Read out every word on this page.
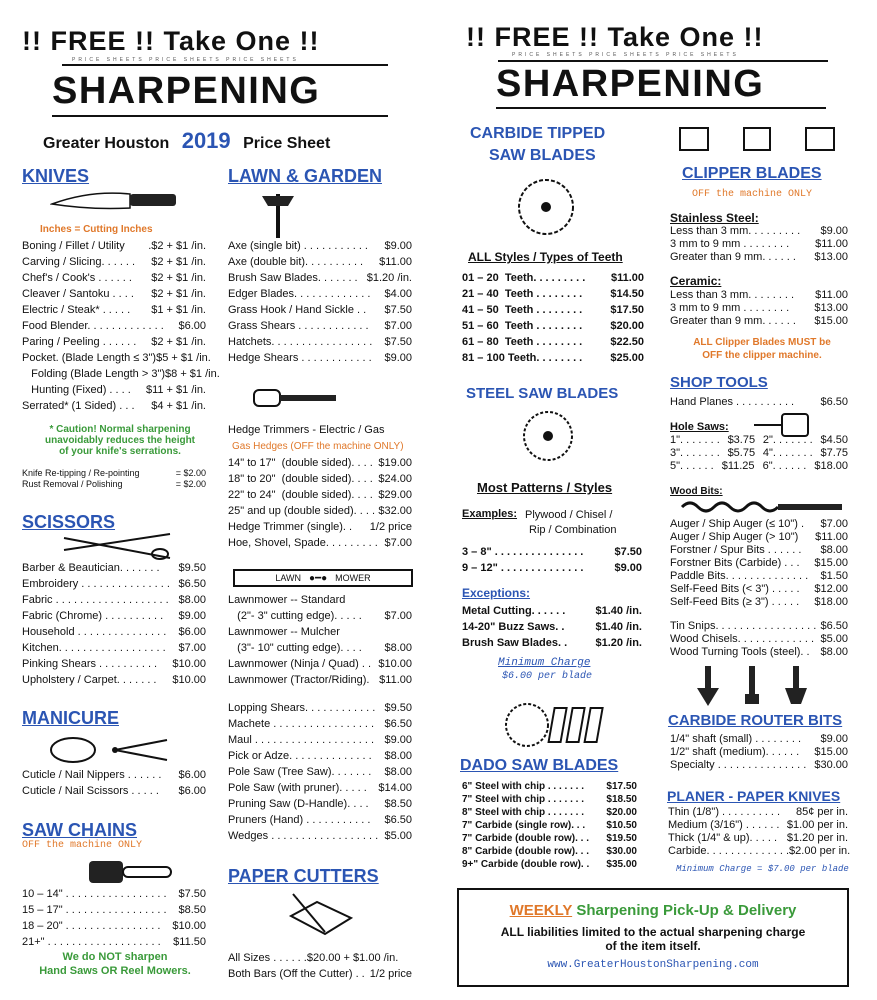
!! FREE !! Take One !!
PRICE SHEETS PRICE SHEETS PRICE SHEETS
SHARPENING
Greater Houston 2019 Price Sheet
KNIVES
Inches = Cutting Inches
Boning / Fillet / Utility .$2 + $1 /in.
Carving / Slicing. . . . . . $2 + $1 /in.
Chef's / Cook's . . . . . . $2 + $1 /in.
Cleaver / Santoku . . . . $2 + $1 /in.
Electric / Steak* . . . . . $1 + $1 /in.
Food Blender. . . . . . . . . . . . . $6.00
Paring / Peeling . . . . . . $2 + $1 /in.
Pocket. (Blade Length ≤ 3") $5 + $1 /in.
Folding (Blade Length > 3") $8 + $1 /in.
Hunting (Fixed) . . . . $11 + $1 /in.
Serrated* (1 Sided) . . . $4 + $1 /in.
* Caution! Normal sharpening
unavoidably reduces the height
of your knife's serrations.
Knife Re-tipping / Re-pointing	= $2.00
Rust Removal / Polishing	= $2.00
SCISSORS
Barber & Beautician. . . . . . . $9.50
Embroidery . . . . . . . . . . . . . . . $6.50
Fabric . . . . . . . . . . . . . . . . . . . $8.00
Fabric (Chrome) . . . . . . . . . . $9.00
Household . . . . . . . . . . . . . . . $6.00
Kitchen. . . . . . . . . . . . . . . . . . $7.00
Pinking Shears . . . . . . . . . . $10.00
Upholstery / Carpet. . . . . . . $10.00
MANICURE
Cuticle / Nail Nippers . . . . . . $6.00
Cuticle / Nail Scissors . . . . . $6.00
SAW CHAINS
OFF the machine ONLY
10 – 14" . . . . . . . . . . . . . . . . . $7.50
15 – 17" . . . . . . . . . . . . . . . . . $8.50
18 – 20" . . . . . . . . . . . . . . . . $10.00
21+" . . . . . . . . . . . . . . . . . . . $11.50
We do NOT sharpen
Hand Saws OR Reel Mowers.
LAWN & GARDEN
Axe (single bit) . . . . . . . . . . . $9.00
Axe (double bit). . . . . . . . . . $11.00
Brush Saw Blades. . . . . . . $1.20 /in.
Edger Blades. . . . . . . . . . . . . $4.00
Grass Hook / Hand Sickle . . $7.50
Grass Shears . . . . . . . . . . . . $7.00
Hatchets. . . . . . . . . . . . . . . . . $7.50
Hedge Shears . . . . . . . . . . . . $9.00
Hedge Trimmers - Electric / Gas
Gas Hedges (OFF the machine ONLY)
14" to 17"  (double sided). . . . $19.00
18" to 20"  (double sided). . . . $24.00
22" to 24"  (double sided). . . . $29.00
25" and up (double sided). . . . $32.00
Hedge Trimmer (single). . 1/2 price
Hoe, Shovel, Spade. . . . . . . . . $7.00
LAWN ●━● MOWER
Lawnmower -- Standard
(2"- 3" cutting edge). . . . . $7.00
Lawnmower -- Mulcher
(3"- 10" cutting edge). . . . $8.00
Lawnmower (Ninja / Quad) . . $10.00
Lawnmower (Tractor/Riding). $11.00
Lopping Shears. . . . . . . . . . . . $9.50
Machete . . . . . . . . . . . . . . . . . $6.50
Maul . . . . . . . . . . . . . . . . . . . . $9.00
Pick or Adze. . . . . . . . . . . . . . $8.00
Pole Saw (Tree Saw). . . . . . . $8.00
Pole Saw (with pruner). . . . . $14.00
Pruning Saw (D-Handle). . . . $8.50
Pruners (Hand) . . . . . . . . . . . $6.50
Wedges . . . . . . . . . . . . . . . . . . $5.00
PAPER CUTTERS
All Sizes . . . . . .$20.00 + $1.00 /in.
Both Bars (Off the Cutter) . . 1/2 price
!! FREE !! Take One !!
PRICE SHEETS PRICE SHEETS PRICE SHEETS
SHARPENING
CARBIDE TIPPED
SAW BLADES
ALL Styles / Types of Teeth
01 – 20  Teeth. . . . . . . . . $11.00
21 – 40  Teeth . . . . . . . .	$14.50
41 – 50  Teeth . . . . . . . .	$17.50
51 – 60  Teeth . . . . . . . .	$20.00
61 – 80  Teeth . . . . . . . .	$22.50
81 – 100 Teeth. . . . . . . .	$25.00
STEEL SAW BLADES
Most Patterns / Styles
Examples: Plywood / Chisel /
Rip / Combination
3 – 8" . . . . . . . . . . . . . . .	$7.50
9 – 12" . . . . . . . . . . . . . .	$9.00
Exceptions:
Metal Cutting. . . . . .	$1.40 /in.
14-20" Buzz Saws. .	$1.40 /in.
Brush Saw Blades. .	$1.20 /in.
Minimum Charge
$6.00 per blade
DADO SAW BLADES
6" Steel with chip . . . . . . . $17.50
7" Steel with chip . . . . . . . $18.50
8" Steel with chip . . . . . . . $20.00
7" Carbide (single row). . . $10.50
7" Carbide (double row). . . $19.50
8" Carbide (double row). . . $30.00
9+" Carbide (double row). . $35.00
CLIPPER BLADES
OFF the machine ONLY
Stainless Steel:
Less than 3 mm. . . . . . . . . $9.00
3 mm to 9 mm . . . . . . . . $11.00
Greater than 9 mm. . . . . . $13.00
Ceramic:
Less than 3 mm. . . . . . . . $11.00
3 mm to 9 mm . . . . . . . . $13.00
Greater than 9 mm. . . . . . $15.00
ALL Clipper Blades MUST be
OFF the clipper machine.
SHOP TOOLS
Hand Planes . . . . . . . . . . $6.50
Hole Saws:
1". . . . . . . $3.75 2". . . . . . . $4.50
3". . . . . . . $5.75 4". . . . . . . $7.75
5". . . . . . $11.25 6". . . . . . $18.00
Wood Bits:
Auger / Ship Auger (≤ 10") . $7.00
Auger / Ship Auger (> 10") $11.00
Forstner / Spur Bits . . . . . . $8.00
Forstner Bits (Carbide) . . . $15.00
Paddle Bits. . . . . . . . . . . . . . $1.50
Self-Feed Bits (< 3") . . . . . $12.00
Self-Feed Bits (≥ 3") . . . . . $18.00
Tin Snips. . . . . . . . . . . . . . . . . $6.50
Wood Chisels. . . . . . . . . . . . . $5.00
Wood Turning Tools (steel). . $8.00
CARBIDE ROUTER BITS
1/4" shaft (small) . . . . . . . . $9.00
1/2" shaft (medium). . . . . . $15.00
Specialty . . . . . . . . . . . . . . . $30.00
PLANER - PAPER KNIVES
Thin (1/8") . . . . . . . . . . 85¢ per in.
Medium (3/16") . . . . . . $1.00 per in.
Thick (1/4" & up). . . . . $1.20 per in.
Carbide. . . . . . . . . . . . . . $2.00 per in.
Minimum Charge = $7.00 per blade
WEEKLY Sharpening Pick-Up & Delivery
ALL liabilities limited to the actual sharpening charge
of the item itself.
www.GreaterHoustonSharpening.com
